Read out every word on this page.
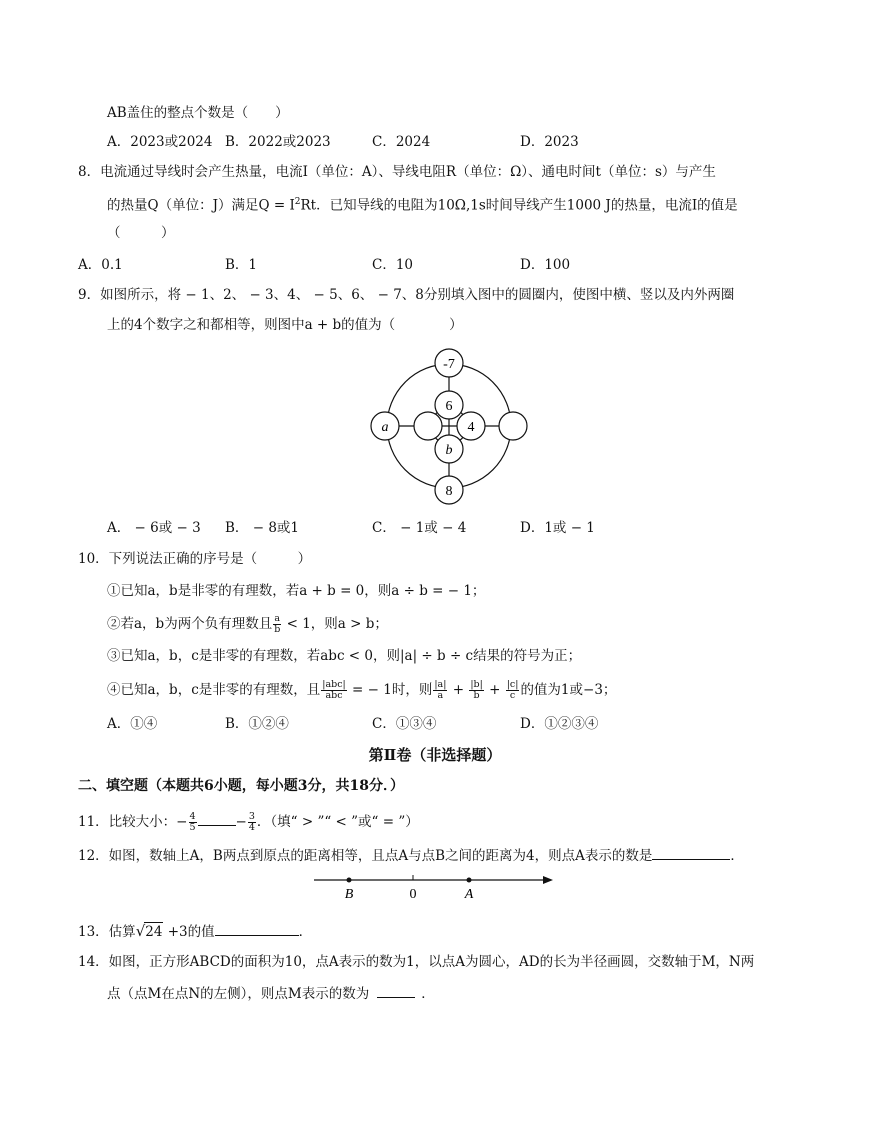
AB盖住的整点个数是（　　）
A．2023或2024 B．2022或2023	C．2024	D．2023
8．电流通过导线时会产生热量，电流I（单位：A）、导线电阻R（单位：Ω）、通电时间t（单位：s）与产生
的热量Q（单位：J）满足$Q = I^2Rt$．已知导线的电阻为10Ω,1s时间导线产生1000 J的热量，电流I的值是
（　　　）
A．0.1	B．1	C．10	D．100
9．如图所示，将 − 1、2、 − 3、4、 − 5、6、 − 7、8分别填入图中的圆圈内，使图中横、竖以及内外两圈
上的4个数字之和都相等，则图中a + b的值为（　　　　）
-7
6
4
b
a
8
A． − 6或 − 3 B． − 8或1	C． − 1或 − 4	D．1或 − 1
10．下列说法正确的序号是（　　　）
①已知a，b是非零的有理数，若a + b = 0，则a ÷ b = − 1；
②若a，b为两个负有理数且 $\frac{a}{b} < 1$，则a > b；
③已知a，b，c是非零的有理数，若abc < 0，则|a| ÷ b ÷ c结果的符号为正；
④已知a，b，c是非零的有理数，且 $\frac{\text{|abc|}}{\text{abc}}$ = − 1时，则 $\frac{|a|}{a} + \frac{|b|}{b} + \frac{|c|}{c}$ 的值为1或−3；
A．①④	B．①②④	C．①③④	D．①②③④
第Ⅱ卷（非选择题）
二、填空题（本题共6小题，每小题3分，共18分．）
11．比较大小：− $\frac{4}{5}$	− $\frac{3}{4}$ ．（填“ > ”“ < ”或“ = ”）
12．如图，数轴上A，B两点到原点的距离相等，且点A与点B之间的距离为4，则点A表示的数是	．
B	0	A
13．估算√24 +3的值	．
14．如图，正方形ABCD的面积为10，点A表示的数为1，以点A为圆心，AD的长为半径画圆，交数轴于M，N两
点（点M在点N的左侧），则点M表示的数为	．
